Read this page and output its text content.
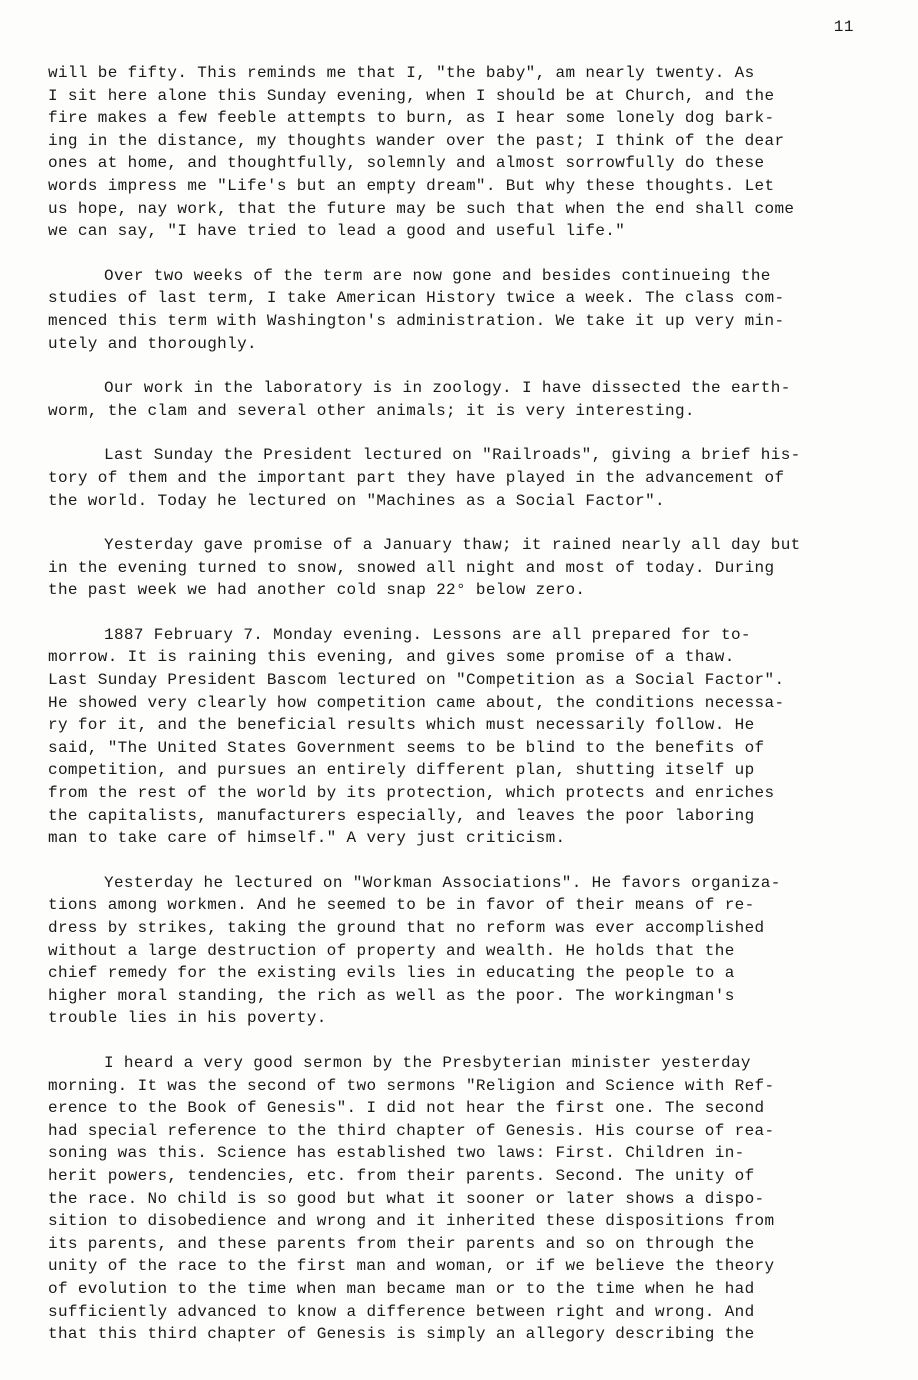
11
will be fifty. This reminds me that I, "the baby", am nearly twenty. As
I sit here alone this Sunday evening, when I should be at Church, and the
fire makes a few feeble attempts to burn, as I hear some lonely dog bark-
ing in the distance, my thoughts wander over the past; I think of the dear
ones at home, and thoughtfully, solemnly and almost sorrowfully do these
words impress me "Life's but an empty dream". But why these thoughts. Let
us hope, nay work, that the future may be such that when the end shall come
we can say, "I have tried to lead a good and useful life."
Over two weeks of the term are now gone and besides continueing the
studies of last term, I take American History twice a week. The class com-
menced this term with Washington's administration. We take it up very min-
utely and thoroughly.
Our work in the laboratory is in zoology. I have dissected the earth-
worm, the clam and several other animals; it is very interesting.
Last Sunday the President lectured on "Railroads", giving a brief his-
tory of them and the important part they have played in the advancement of
the world. Today he lectured on "Machines as a Social Factor".
Yesterday gave promise of a January thaw; it rained nearly all day but
in the evening turned to snow, snowed all night and most of today. During
the past week we had another cold snap 22° below zero.
1887 February 7. Monday evening. Lessons are all prepared for to-
morrow. It is raining this evening, and gives some promise of a thaw.
Last Sunday President Bascom lectured on "Competition as a Social Factor".
He showed very clearly how competition came about, the conditions necessa-
ry for it, and the beneficial results which must necessarily follow. He
said, "The United States Government seems to be blind to the benefits of
competition, and pursues an entirely different plan, shutting itself up
from the rest of the world by its protection, which protects and enriches
the capitalists, manufacturers especially, and leaves the poor laboring
man to take care of himself." A very just criticism.
Yesterday he lectured on "Workman Associations". He favors organiza-
tions among workmen. And he seemed to be in favor of their means of re-
dress by strikes, taking the ground that no reform was ever accomplished
without a large destruction of property and wealth. He holds that the
chief remedy for the existing evils lies in educating the people to a
higher moral standing, the rich as well as the poor. The workingman's
trouble lies in his poverty.
I heard a very good sermon by the Presbyterian minister yesterday
morning. It was the second of two sermons "Religion and Science with Ref-
erence to the Book of Genesis". I did not hear the first one. The second
had special reference to the third chapter of Genesis. His course of rea-
soning was this. Science has established two laws: First. Children in-
herit powers, tendencies, etc. from their parents. Second. The unity of
the race. No child is so good but what it sooner or later shows a dispo-
sition to disobedience and wrong and it inherited these dispositions from
its parents, and these parents from their parents and so on through the
unity of the race to the first man and woman, or if we believe the theory
of evolution to the time when man became man or to the time when he had
sufficiently advanced to know a difference between right and wrong. And
that this third chapter of Genesis is simply an allegory describing the
